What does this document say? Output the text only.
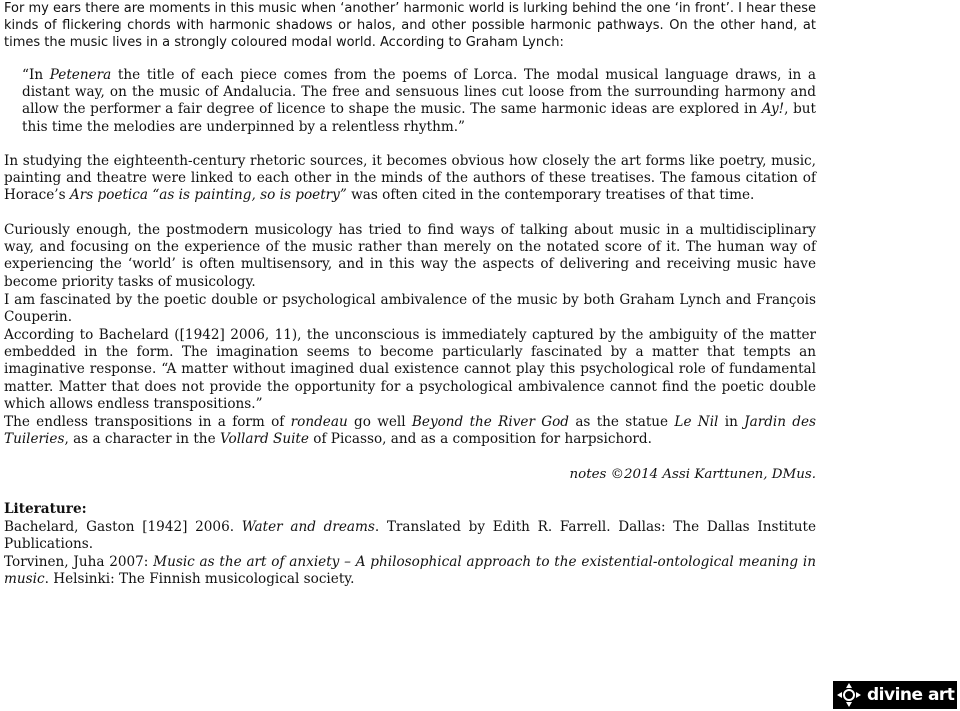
For my ears there are moments in this music when ‘another’ harmonic world is lurking behind the one ‘in front’. I hear these kinds of flickering chords with harmonic shadows or halos, and other possible harmonic pathways. On the other hand, at times the music lives in a strongly coloured modal world. According to Graham Lynch:

“In Petenera the title of each piece comes from the poems of Lorca. The modal musical language draws, in a distant way, on the music of Andalucia. The free and sensuous lines cut loose from the surrounding harmony and allow the performer a fair degree of licence to shape the music. The same harmonic ideas are explored in Ay!, but this time the melodies are underpinned by a relentless rhythm.”

In studying the eighteenth-century rhetoric sources, it becomes obvious how closely the art forms like poetry, music, painting and theatre were linked to each other in the minds of the authors of these treatises. The famous citation of Horace’s Ars poetica “as is painting, so is poetry” was often cited in the contemporary treatises of that time.

Curiously enough, the postmodern musicology has tried to find ways of talking about music in a multidisciplinary way, and focusing on the experience of the music rather than merely on the notated score of it. The human way of experiencing the ‘world’ is often multisensory, and in this way the aspects of delivering and receiving music have become priority tasks of musicology.

I am fascinated by the poetic double or psychological ambivalence of the music by both Graham Lynch and François Couperin.

According to Bachelard ([1942] 2006, 11), the unconscious is immediately captured by the ambiguity of the matter embedded in the form. The imagination seems to become particularly fascinated by a matter that tempts an imaginative response. “A matter without imagined dual existence cannot play this psychological role of fundamental matter. Matter that does not provide the opportunity for a psychological ambivalence cannot find the poetic double which allows endless transpositions.”

The endless transpositions in a form of rondeau go well Beyond the River God as the statue Le Nil in Jardin des Tuileries, as a character in the Vollard Suite of Picasso, and as a composition for harpsichord.

notes ©2014 Assi Karttunen, DMus.
Literature:

Bachelard, Gaston [1942] 2006. Water and dreams. Translated by Edith R. Farrell. Dallas: The Dallas Institute Publications.

Torvinen, Juha 2007: Music as the art of anxiety – A philosophical approach to the existential-ontological meaning in music. Helsinki: The Finnish musicological society.

divine art
